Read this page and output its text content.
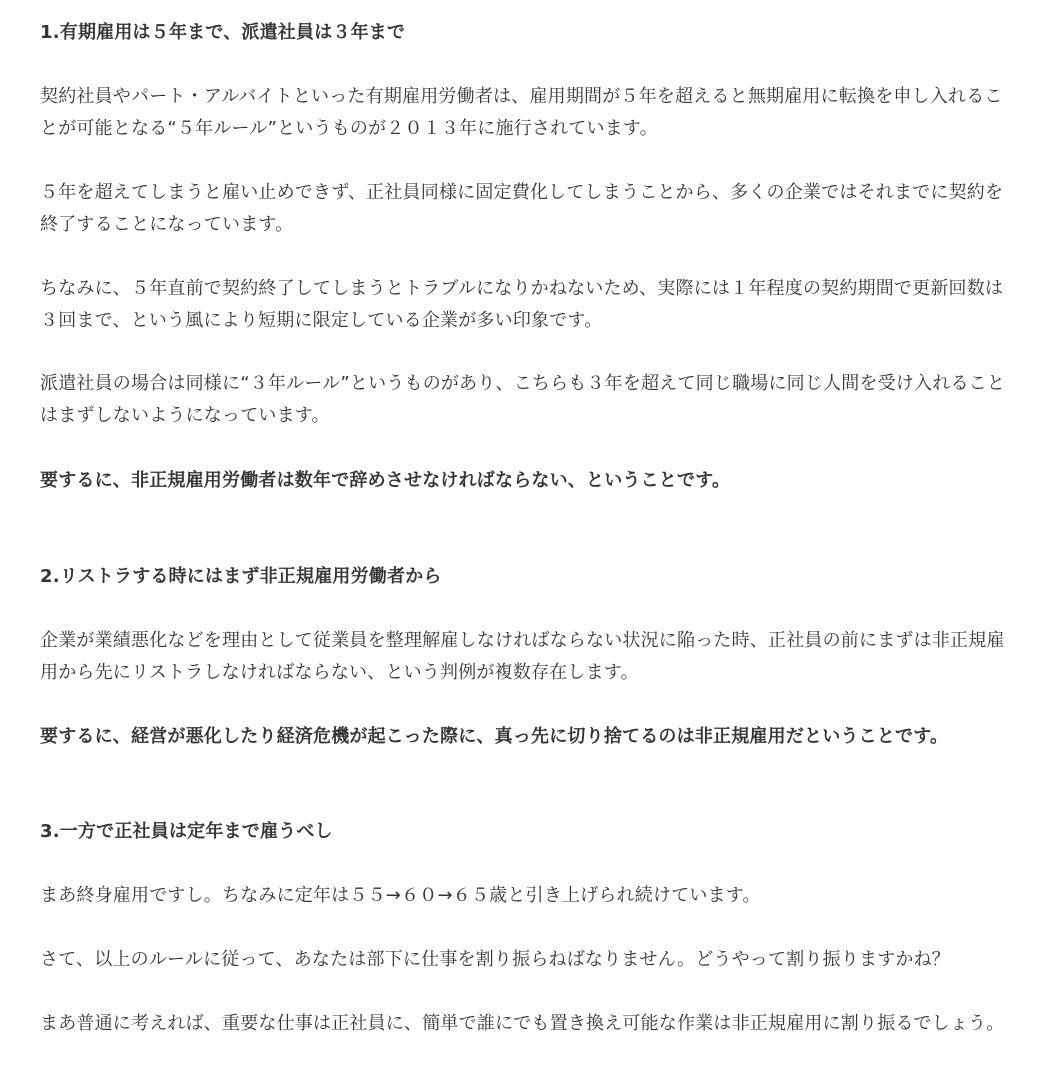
1.有期雇用は５年まで、派遣社員は３年まで

契約社員やパート・アルバイトといった有期雇用労働者は、雇用期間が５年を超えると無期雇用に転換を申し入れることが可能となる“５年ルール”というものが２０１３年に施行されています。

５年を超えてしまうと雇い止めできず、正社員同様に固定費化してしまうことから、多くの企業ではそれまでに契約を終了することになっています。

ちなみに、５年直前で契約終了してしまうとトラブルになりかねないため、実際には１年程度の契約期間で更新回数は３回まで、という風により短期に限定している企業が多い印象です。

派遣社員の場合は同様に“３年ルール”というものがあり、こちらも３年を超えて同じ職場に同じ人間を受け入れることはまずしないようになっています。

要するに、非正規雇用労働者は数年で辞めさせなければならない、ということです。

2.リストラする時にはまず非正規雇用労働者から

企業が業績悪化などを理由として従業員を整理解雇しなければならない状況に陥った時、正社員の前にまずは非正規雇用から先にリストラしなければならない、という判例が複数存在します。

要するに、経営が悪化したり経済危機が起こった際に、真っ先に切り捨てるのは非正規雇用だということです。

3.一方で正社員は定年まで雇うべし

まあ終身雇用ですし。ちなみに定年は５５→６０→６５歳と引き上げられ続けています。

さて、以上のルールに従って、あなたは部下に仕事を割り振らねばなりません。どうやって割り振りますかね？

まあ普通に考えれば、重要な仕事は正社員に、簡単で誰にでも置き換え可能な作業は非正規雇用に割り振るでしょう。
